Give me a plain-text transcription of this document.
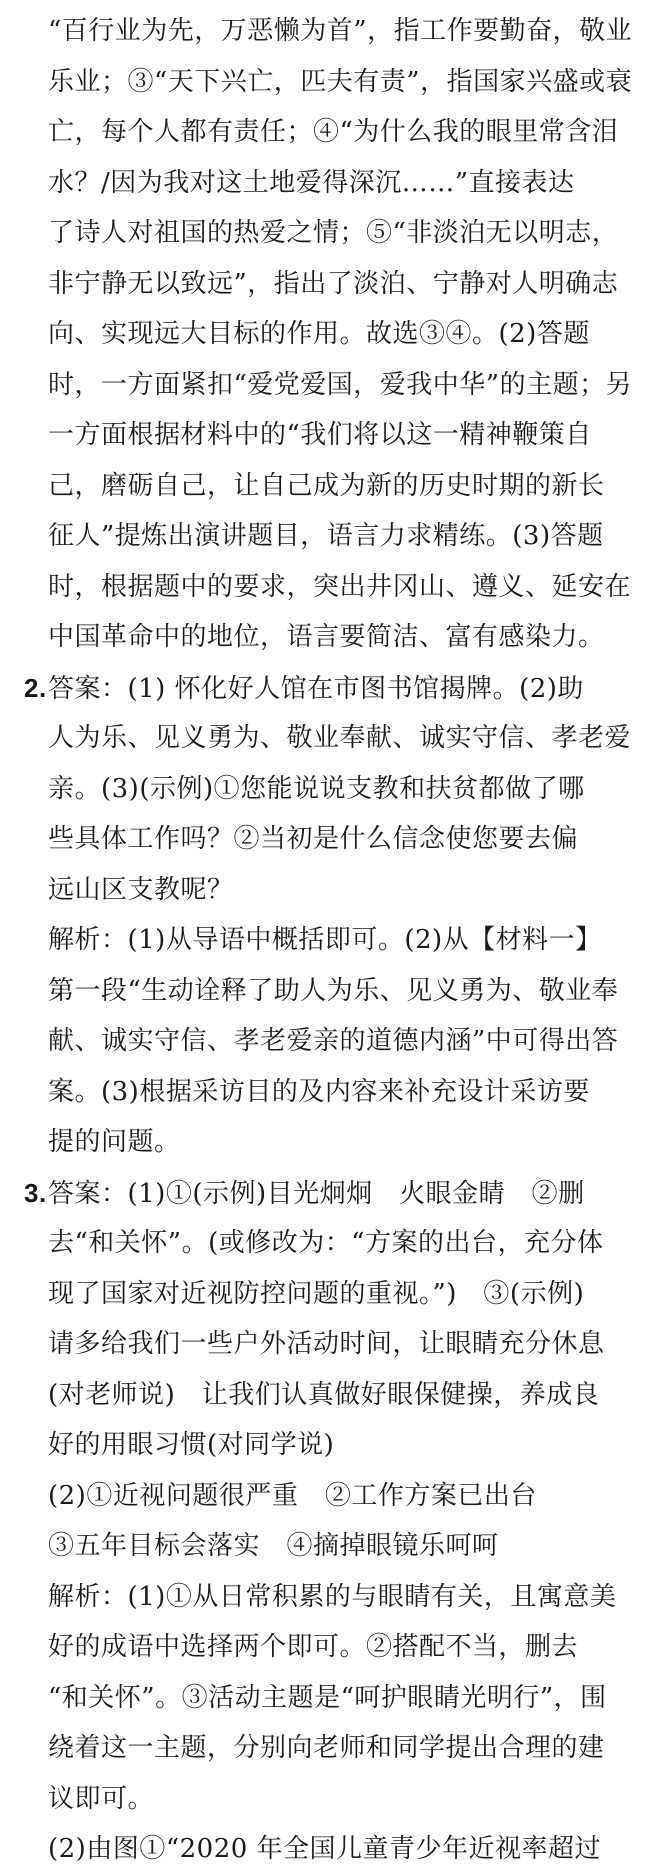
“百行业为先，万恶懒为首”，指工作要勤奋，敬业
乐业；③“天下兴亡，匹夫有责”，指国家兴盛或衰
亡，每个人都有责任；④“为什么我的眼里常含泪
水？/因为我对这土地爱得深沉……”直接表达
了诗人对祖国的热爱之情；⑤“非淡泊无以明志，
非宁静无以致远”，指出了淡泊、宁静对人明确志
向、实现远大目标的作用。故选③④。(2)答题
时，一方面紧扣“爱党爱国，爱我中华”的主题；另
一方面根据材料中的“我们将以这一精神鞭策自
己，磨砺自己，让自己成为新的历史时期的新长
征人”提炼出演讲题目，语言力求精练。(3)答题
时，根据题中的要求，突出井冈山、遵义、延安在
中国革命中的地位，语言要简洁、富有感染力。
2.答案：(1) 怀化好人馆在市图书馆揭牌。(2)助
人为乐、见义勇为、敬业奉献、诚实守信、孝老爱
亲。(3)(示例)①您能说说支教和扶贫都做了哪
些具体工作吗？②当初是什么信念使您要去偏
远山区支教呢？
解析：(1)从导语中概括即可。(2)从【材料一】
第一段“生动诠释了助人为乐、见义勇为、敬业奉
献、诚实守信、孝老爱亲的道德内涵”中可得出答
案。(3)根据采访目的及内容来补充设计采访要
提的问题。
3.答案：(1)①(示例)目光炯炯　火眼金睛　②删
去“和关怀”。(或修改为：“方案的出台，充分体
现了国家对近视防控问题的重视。”)　③(示例)
请多给我们一些户外活动时间，让眼睛充分休息
(对老师说)　让我们认真做好眼保健操，养成良
好的用眼习惯(对同学说)
(2)①近视问题很严重　②工作方案已出台
③五年目标会落实　④摘掉眼镜乐呵呵
解析：(1)①从日常积累的与眼睛有关，且寓意美
好的成语中选择两个即可。②搭配不当，删去
“和关怀”。③活动主题是“呵护眼睛光明行”，围
绕着这一主题，分别向老师和同学提出合理的建
议即可。
(2)由图①“2020 年全国儿童青少年近视率超过
